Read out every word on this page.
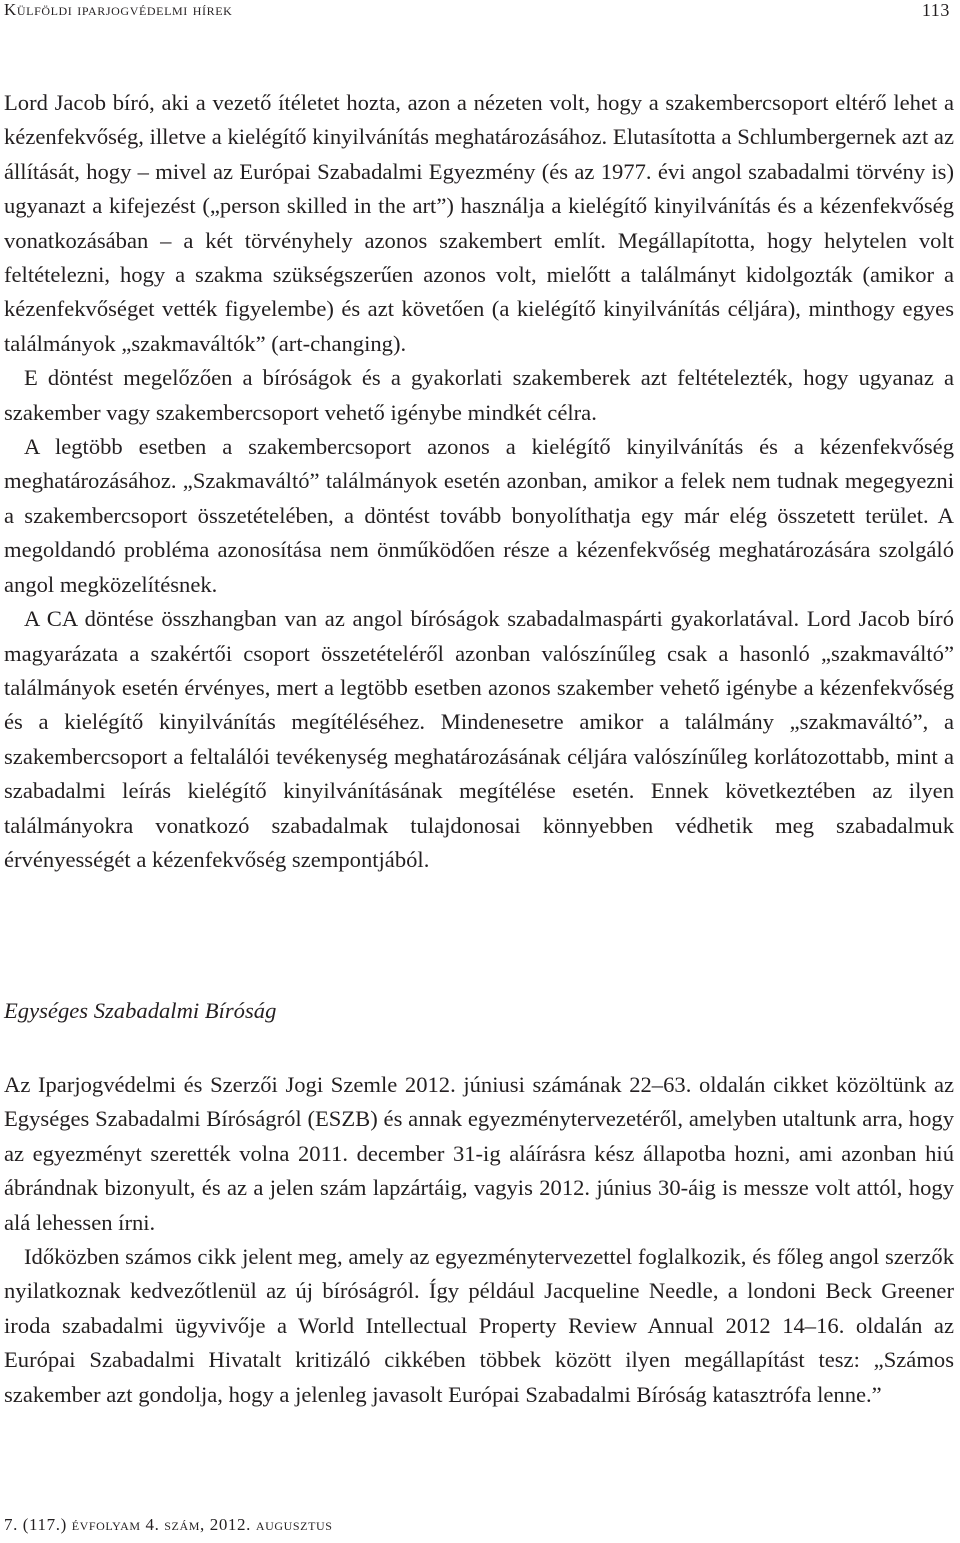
Külföldi iparjogvédelmi hírek	113

Lord Jacob bíró, aki a vezető ítéletet hozta, azon a nézeten volt, hogy a szakembercsoport eltérő lehet a kézenfekvőség, illetve a kielégítő kinyilvánítás meghatározásához. Elutasította a Schlumbergernek azt az állítását, hogy – mivel az Európai Szabadalmi Egyezmény (és az 1977. évi angol szabadalmi törvény is) ugyanazt a kifejezést („person skilled in the art”) használja a kielégítő kinyilvánítás és a kézenfekvőség vonatkozásában – a két törvényhely azonos szakembert említ. Megállapította, hogy helytelen volt feltételezni, hogy a szakma szükségszerűen azonos volt, mielőtt a találmányt kidolgozták (amikor a kézenfekvőséget vették figyelembe) és azt követően (a kielégítő kinyilvánítás céljára), minthogy egyes találmányok „szakmaváltók” (art-changing).

E döntést megelőzően a bíróságok és a gyakorlati szakemberek azt feltételezték, hogy ugyanaz a szakember vagy szakembercsoport vehető igénybe mindkét célra.

A legtöbb esetben a szakembercsoport azonos a kielégítő kinyilvánítás és a kézenfekvőség meghatározásához. „Szakmaváltó” találmányok esetén azonban, amikor a felek nem tudnak megegyezni a szakembercsoport összetételében, a döntést tovább bonyolíthatja egy már elég összetett terület. A megoldandó probléma azonosítása nem önműködően része a kézenfekvőség meghatározására szolgáló angol megközelítésnek.

A CA döntése összhangban van az angol bíróságok szabadalmaspárti gyakorlatával. Lord Jacob bíró magyarázata a szakértői csoport összetételéről azonban valószínűleg csak a hasonló „szakmaváltó” találmányok esetén érvényes, mert a legtöbb esetben azonos szakember vehető igénybe a kézenfekvőség és a kielégítő kinyilvánítás megítéléséhez. Mindenesetre amikor a találmány „szakmaváltó”, a szakembercsoport a feltalálói tevékenység meghatározásának céljára valószínűleg korlátozottabb, mint a szabadalmi leírás kielégítő kinyilvánításának megítélése esetén. Ennek következtében az ilyen találmányokra vonatkozó szabadalmak tulajdonosai könnyebben védhetik meg szabadalmuk érvényességét a kézenfekvőség szempontjából.

Egységes Szabadalmi Bíróság

Az Iparjogvédelmi és Szerzői Jogi Szemle 2012. júniusi számának 22–63. oldalán cikket közöltünk az Egységes Szabadalmi Bíróságról (ESZB) és annak egyezménytervezetéről, amelyben utaltunk arra, hogy az egyezményt szerették volna 2011. december 31-ig aláírásra kész állapotba hozni, ami azonban hiú ábrándnak bizonyult, és az a jelen szám lapzártáig, vagyis 2012. június 30-áig is messze volt attól, hogy alá lehessen írni.

Időközben számos cikk jelent meg, amely az egyezménytervezettel foglalkozik, és főleg angol szerzők nyilatkoznak kedvezőtlenül az új bíróságról. Így például Jacqueline Needle, a londoni Beck Greener iroda szabadalmi ügyvivője a World Intellectual Property Review Annual 2012 14–16. oldalán az Európai Szabadalmi Hivatalt kritizáló cikkében többek között ilyen megállapítást tesz: „Számos szakember azt gondolja, hogy a jelenleg javasolt Európai Szabadalmi Bíróság katasztrófa lenne.”

7. (117.) évfolyam 4. szám, 2012. augusztus
